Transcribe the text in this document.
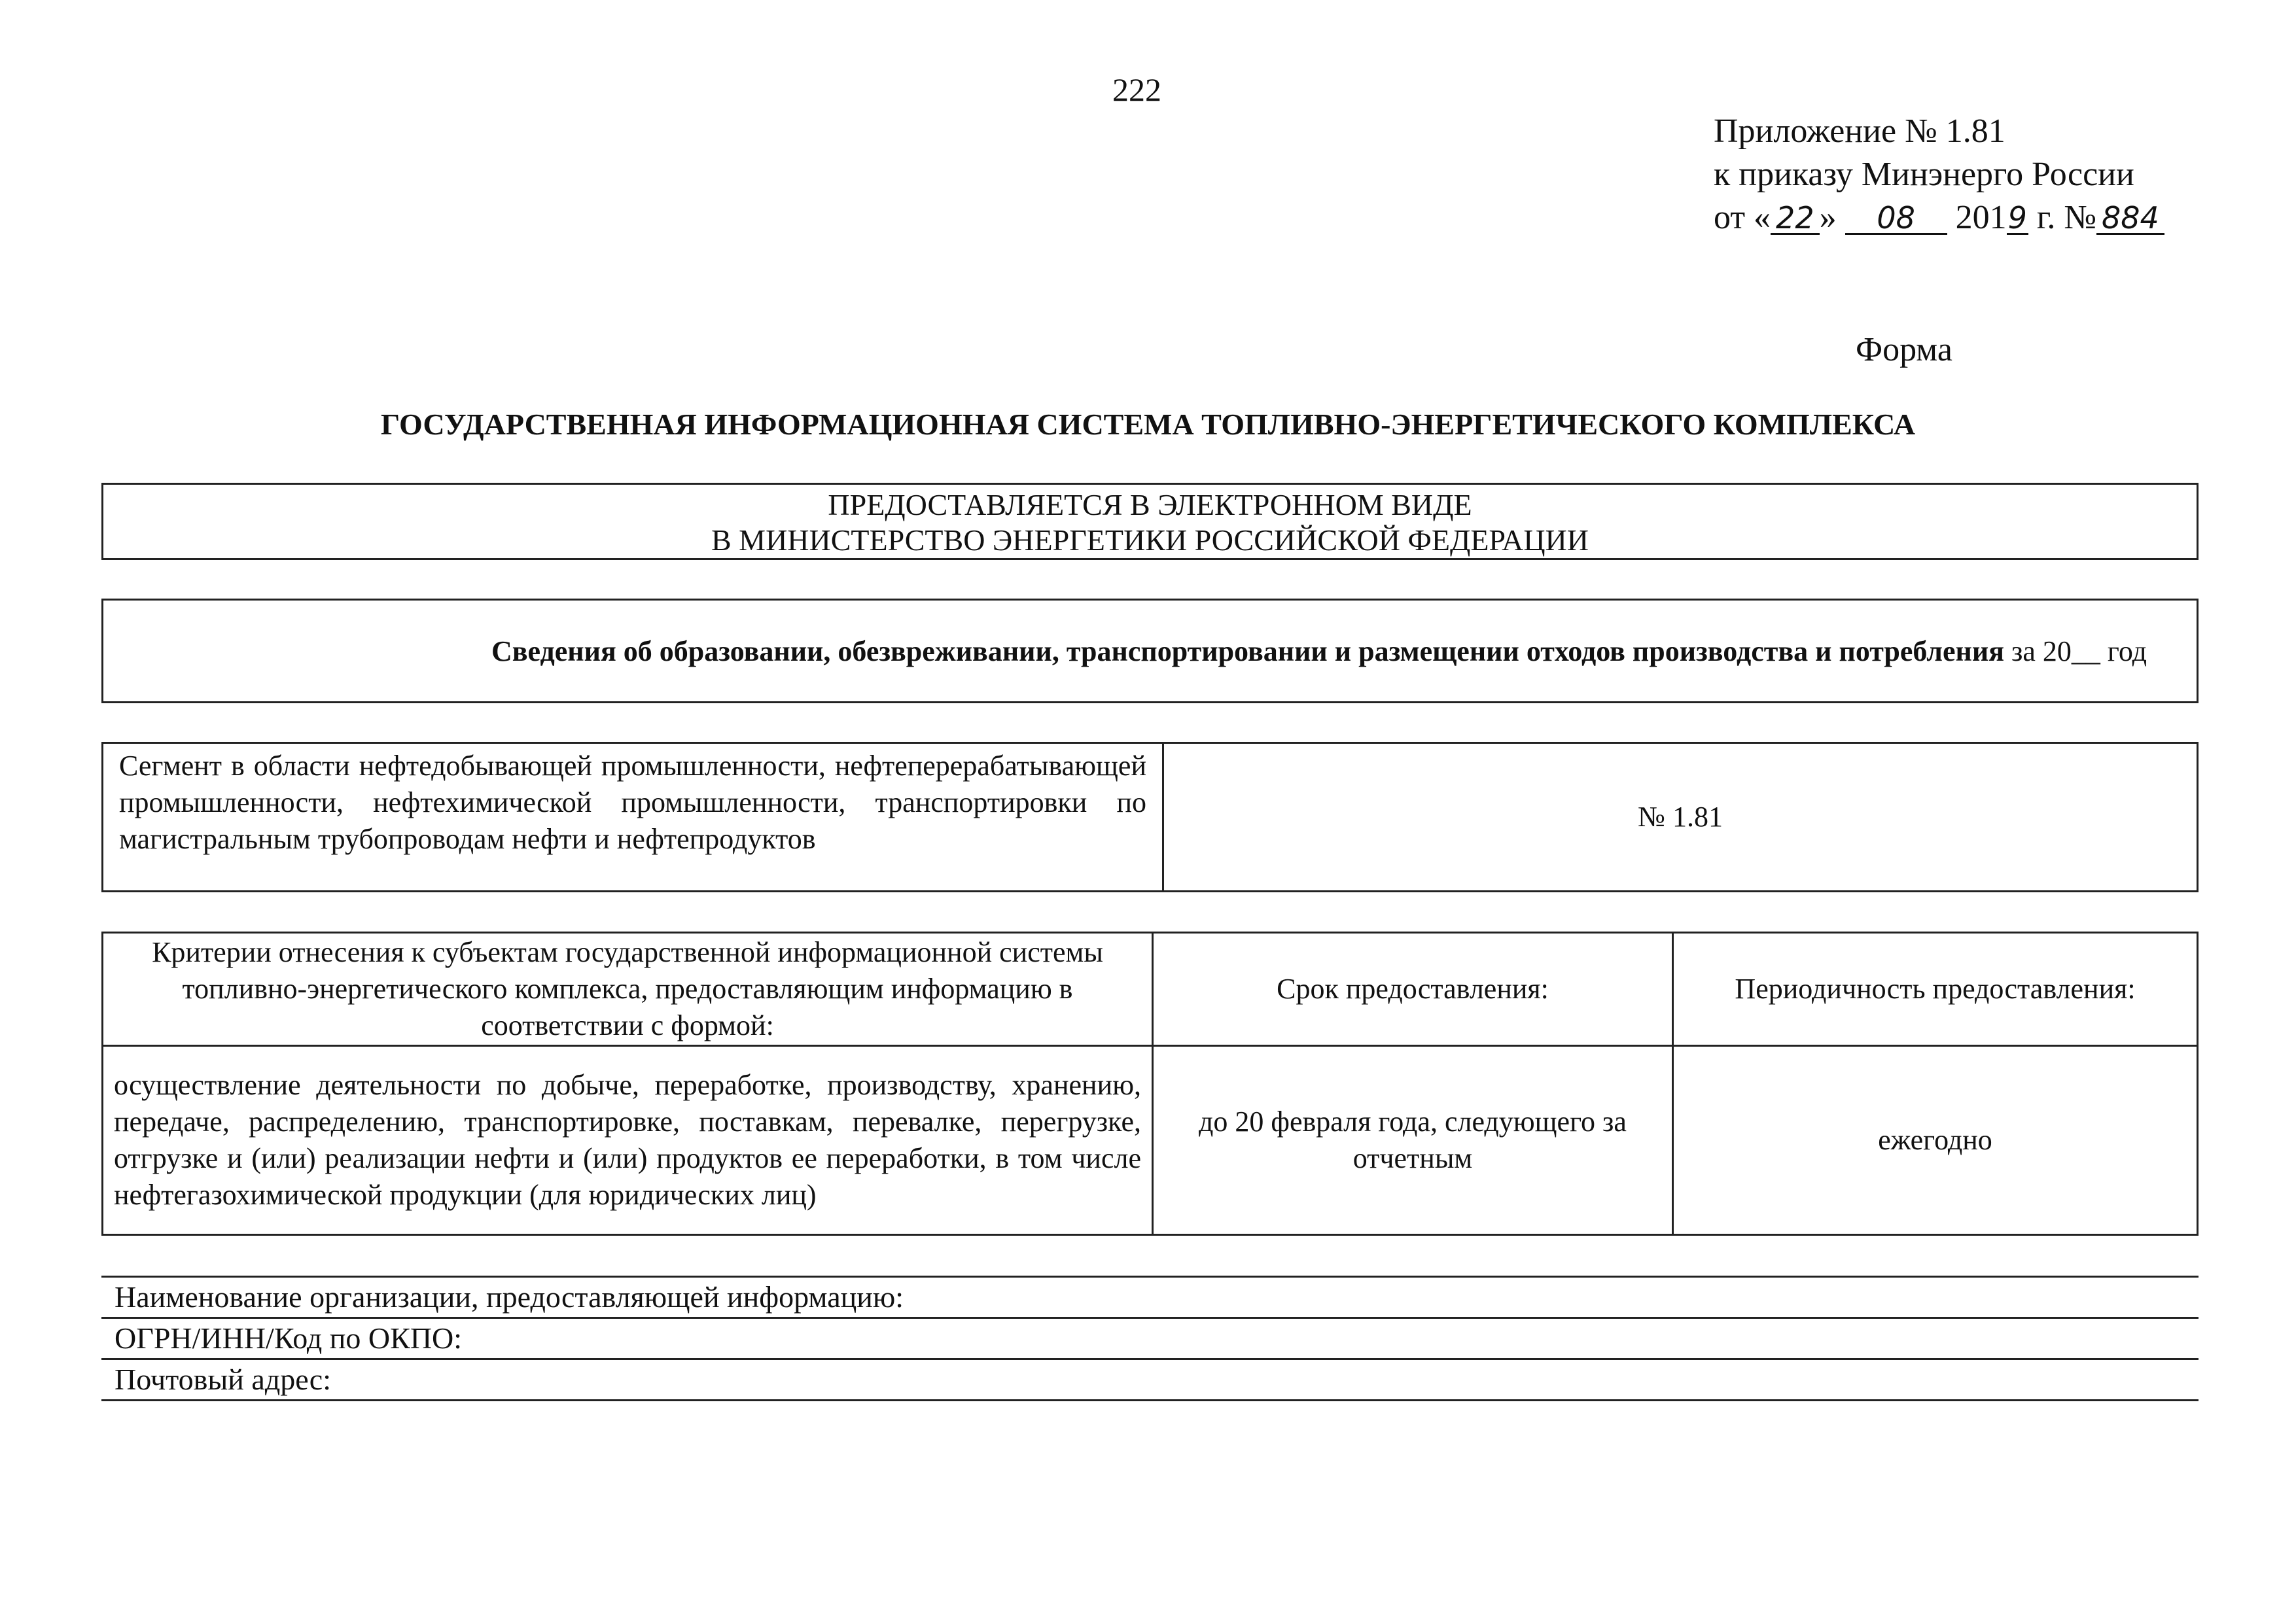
222
Приложение № 1.81
к приказу Минэнерго России
от « 22 » 08 2019 г. № 884
Форма
ГОСУДАРСТВЕННАЯ ИНФОРМАЦИОННАЯ СИСТЕМА ТОПЛИВНО-ЭНЕРГЕТИЧЕСКОГО КОМПЛЕКСА
ПРЕДОСТАВЛЯЕТСЯ В ЭЛЕКТРОННОМ ВИДЕ
В МИНИСТЕРСТВО ЭНЕРГЕТИКИ РОССИЙСКОЙ ФЕДЕРАЦИИ
Сведения об образовании, обезвреживании, транспортировании и размещении отходов производства и потребления за 20__ год
Сегмент в области нефтедобывающей промышленности, нефтеперерабатывающей промышленности, нефтехимической промышленности, транспортировки по магистральным трубопроводам нефти и нефтепродуктов	№ 1.81
Критерии отнесения к субъектам государственной информационной системы топливно-энергетического комплекса, предоставляющим информацию в соответствии с формой:	Срок предоставления:	Периодичность предоставления:
осуществление деятельности по добыче, переработке, производству, хранению, передаче, распределению, транспортировке, поставкам, перевалке, перегрузке, отгрузке и (или) реализации нефти и (или) продуктов ее переработки, в том числе нефтегазохимической продукции (для юридических лиц)	до 20 февраля года, следующего за отчетным	ежегодно
Наименование организации, предоставляющей информацию:
ОГРН/ИНН/Код по ОКПО:
Почтовый адрес:
